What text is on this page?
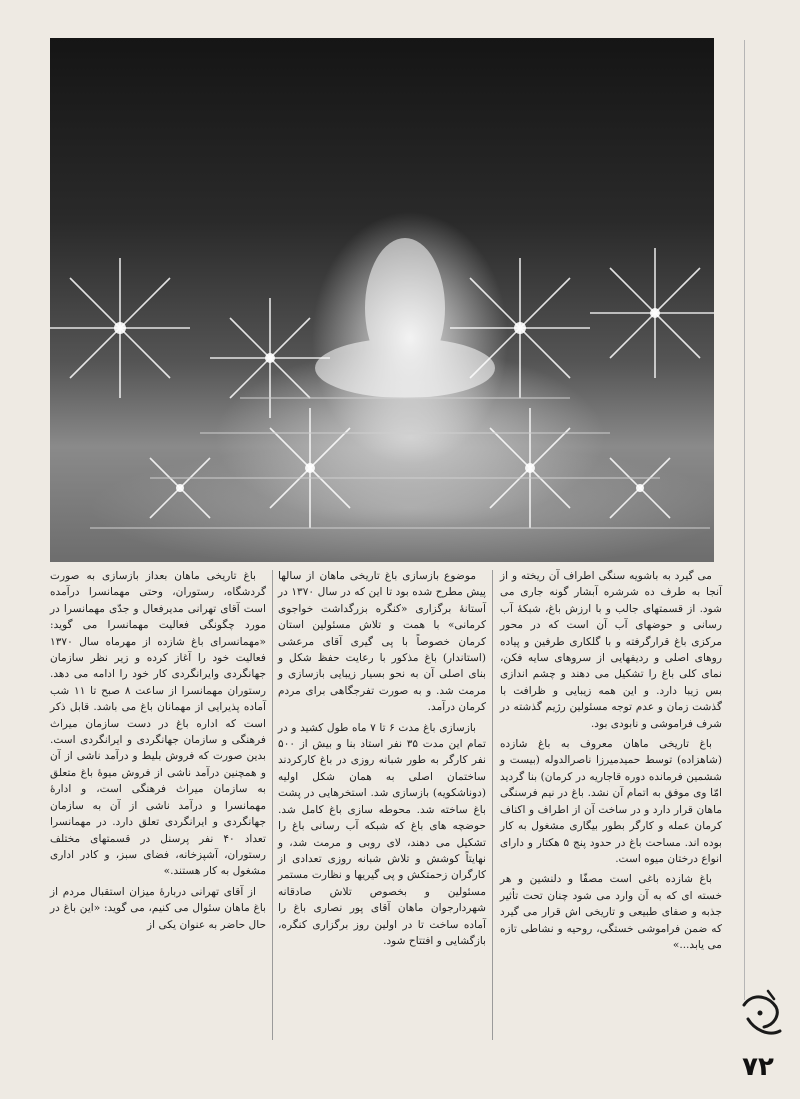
می گیرد به باشویه سنگی اطراف آن ریخته و از آنجا به طرف ده شرشره آبشار گونه جاری می شود. از قسمتهای جالب و با ارزش باغ، شبکهٔ آب رسانی و حوضهای آب آن است که در محور مرکزی باغ قرارگرفته و با گلکاری طرفین و پیاده روهای اصلی و ردیفهایی از سروهای سایه فکن، نمای کلی باغ را تشکیل می دهند و چشم اندازی بس زیبا دارد. و این همه زیبایی و ظرافت با گذشت زمان و عدم توجه مسئولین رژیم گذشته در شرف فراموشی و نابودی بود.

باغ تاریخی ماهان معروف به باغ شازده (شاهزاده) توسط حمیدمیرزا ناصرالدوله (بیست و ششمین فرمانده دوره قاجاریه در کرمان) بنا گردید امّا وی موفق به اتمام آن نشد. باغ در نیم فرسنگی ماهان قرار دارد و در ساخت آن از اطراف و اکناف کرمان عمله و کارگر بطور بیگاری مشغول به کار بوده اند. مساحت باغ در حدود پنج ۵ هکتار و دارای انواع درختان میوه است.

باغ شازده باغی است مصفّا و دلنشین و هر خسته ای که به آن وارد می شود چنان تحت تأثیر جذبه و صفای طبیعی و تاریخی اش قرار می گیرد که ضمن فراموشی خستگی، روحیه و نشاطی تازه می یابد...»

موضوع بازسازی باغ تاریخی ماهان از سالها پیش مطرح شده بود تا این که در سال ۱۳۷۰ در آستانهٔ برگزاری «کنگره بزرگداشت خواجوی کرمانی» با همت و تلاش مسئولین استان کرمان خصوصاً با پی گیری آقای مرعشی (استاندار) باغ مذکور با رعایت حفظ شکل و بنای اصلی آن به نحو بسیار زیبایی بازسازی و مرمت شد. و به صورت تفرجگاهی برای مردم کرمان درآمد.

بازسازی باغ مدت ۶ تا ۷ ماه طول کشید و در تمام این مدت ۳۵ نفر استاد بنا و بیش از ۵۰۰ نفر کارگر به طور شبانه روزی در باغ کارکردند ساختمان اصلی به همان شکل اولیه (دوناشکویه) بازسازی شد. استخرهایی در پشت باغ ساخته شد. محوطه سازی باغ کامل شد. حوضچه های باغ که شبکه آب رسانی باغ را تشکیل می دهند، لای روبی و مرمت شد، و نهایتاً کوشش و تلاش شبانه روزی تعدادی از کارگران زحمتکش و پی گیریها و نظارت مستمر مسئولین و بخصوص تلاش صادقانه شهردارجوان ماهان آقای پور نصاری باغ را آماده ساخت تا در اولین روز برگزاری کنگره، بازگشایی و افتتاح شود.

باغ تاریخی ماهان بعداز بازسازی به صورت گردشگاه، رستوران، وحتی مهمانسرا درآمده است آقای تهرانی مدیرفعال و جدّی مهمانسرا در مورد چگونگی فعالیت مهمانسرا می گوید: «مهمانسرای باغ شازده از مهرماه سال ۱۳۷۰ فعالیت خود را آغاز کرده و زیر نظر سازمان جهانگردی وایرانگردی کار خود را ادامه می دهد. رستوران مهمانسرا از ساعت ۸ صبح تا ۱۱ شب آماده پذیرایی از مهمانان باغ می باشد. قابل ذکر است که اداره باغ در دست سازمان میراث فرهنگی و سازمان جهانگردی و ایرانگردی است. بدین صورت که فروش بلیط و درآمد ناشی از آن و همچنین درآمد ناشی از فروش میوهٔ باغ متعلق به سازمان میراث فرهنگی است، و ادارهٔ مهمانسرا و درآمد ناشی از آن به سازمان جهانگردی و ایرانگردی تعلق دارد. در مهمانسرا تعداد ۴۰ نفر پرسنل در قسمتهای مختلف رستوران، آشپزخانه، فضای سبز، و کادر اداری مشغول به کار هستند.»

از آقای تهرانی دربارهٔ میزان استقبال مردم از باغ ماهان سئوال می کنیم، می گوید: «این باغ در حال حاضر به عنوان یکی از

۷۲
